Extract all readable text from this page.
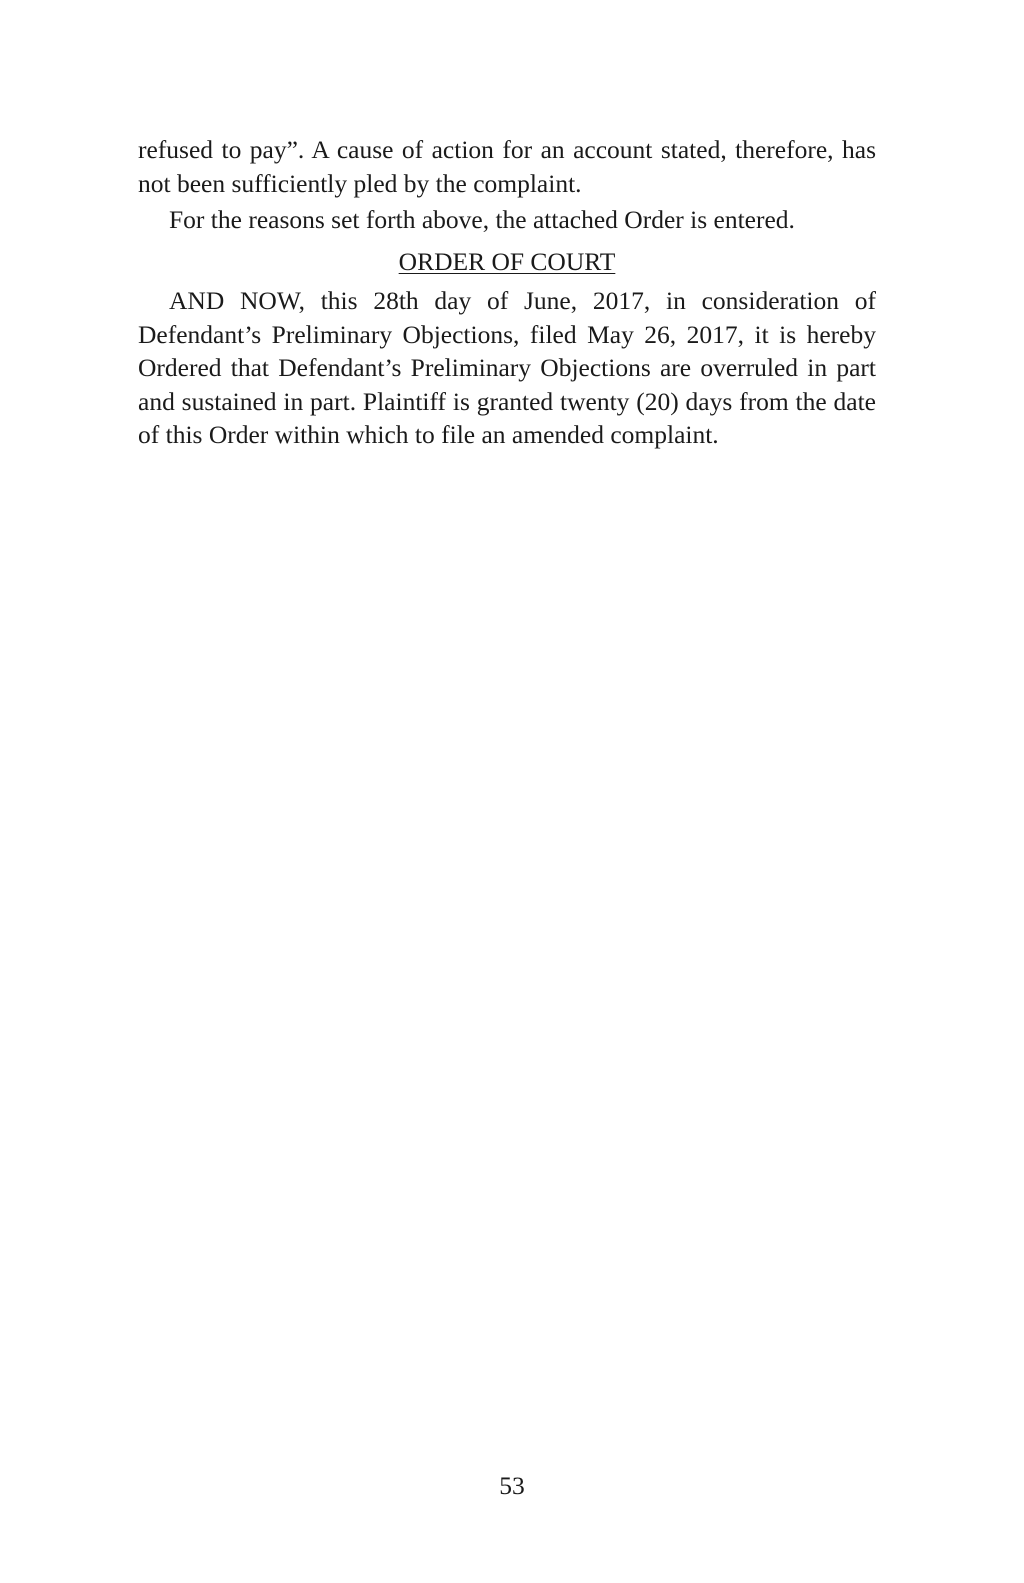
refused to pay”. A cause of action for an account stated, therefore, has not been sufficiently pled by the complaint.

For the reasons set forth above, the attached Order is entered.

ORDER OF COURT

AND NOW, this 28th day of June, 2017, in consideration of Defendant’s Preliminary Objections, filed May 26, 2017, it is hereby Ordered that Defendant’s Preliminary Objections are overruled in part and sustained in part. Plaintiff is granted twenty (20) days from the date of this Order within which to file an amended complaint.

53
